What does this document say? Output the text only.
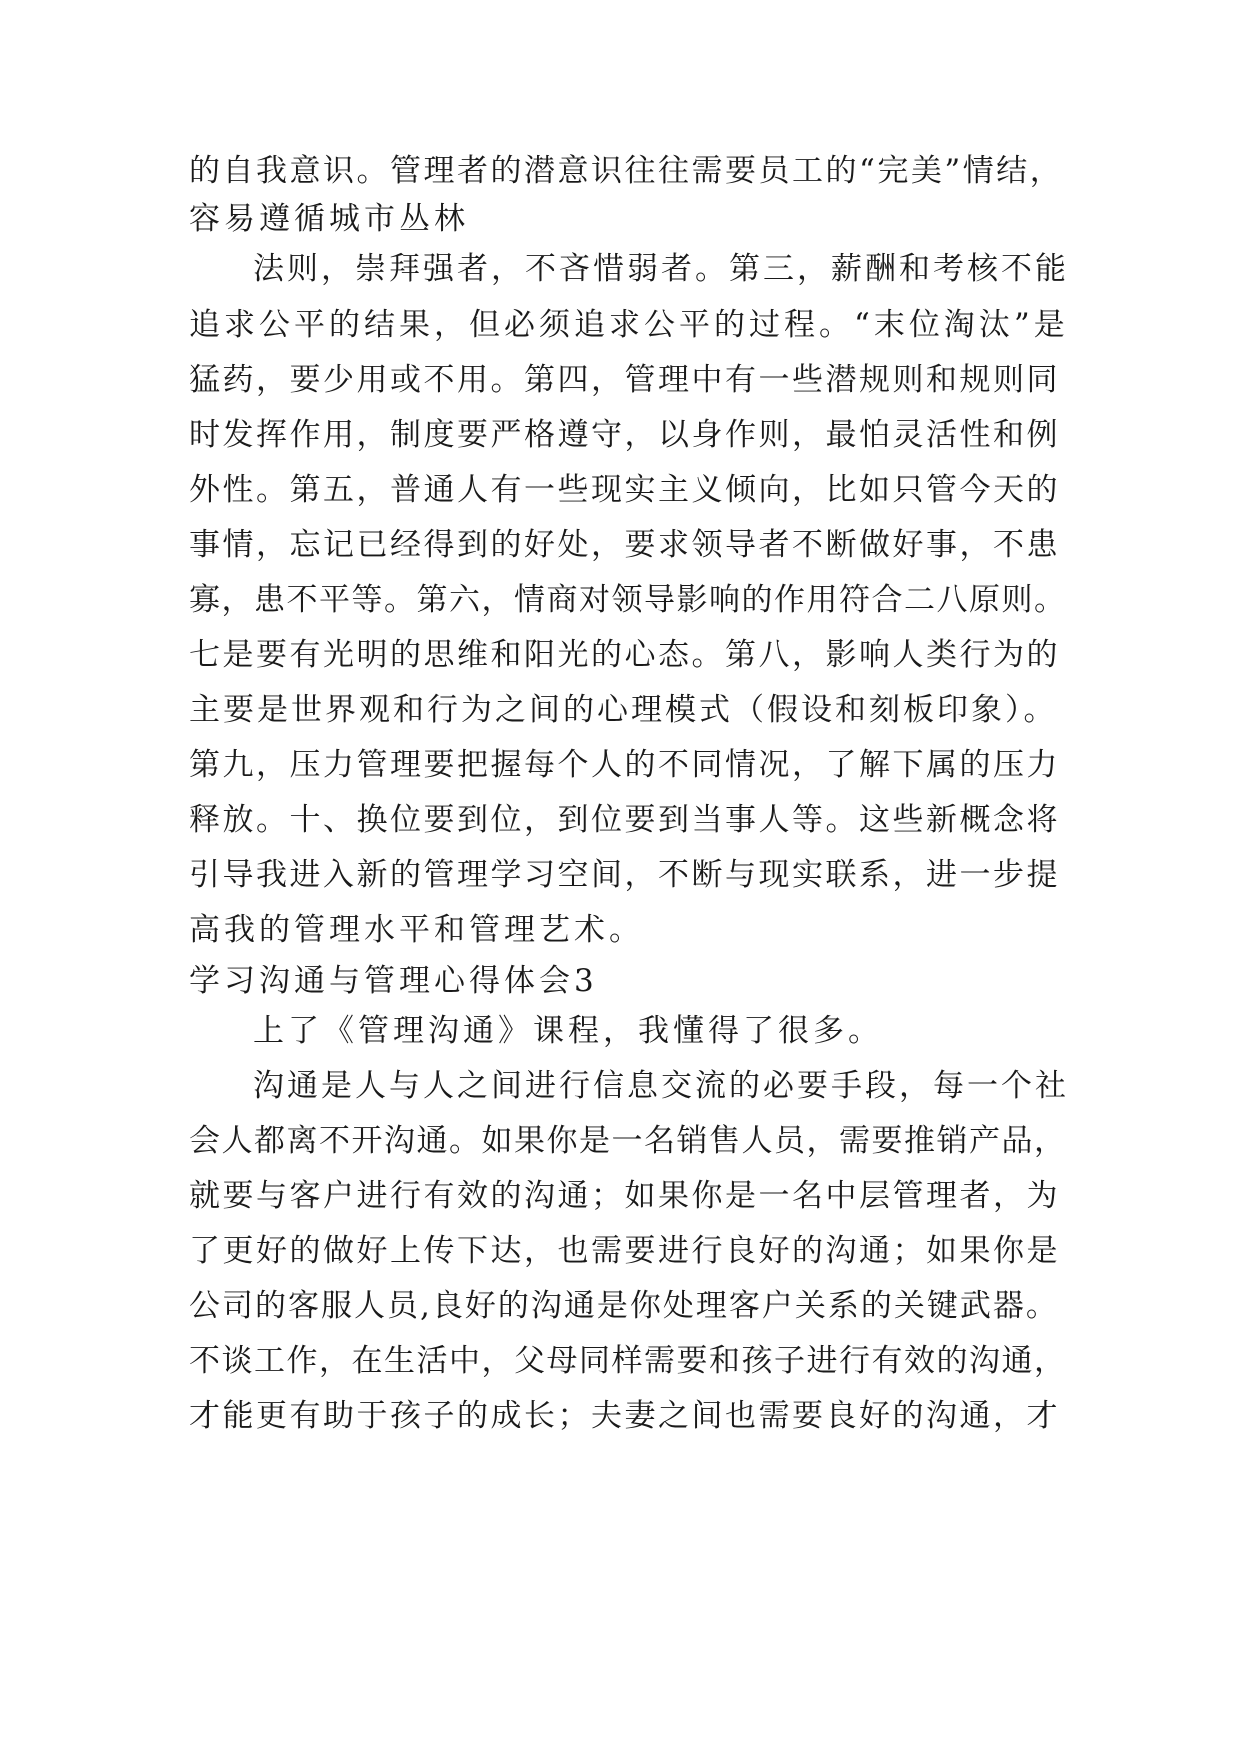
的自我意识。管理者的潜意识往往需要员工的“完美”情结，
容易遵循城市丛林
法则，崇拜强者，不吝惜弱者。第三，薪酬和考核不能
追求公平的结果，但必须追求公平的过程。“末位淘汰”是
猛药，要少用或不用。第四，管理中有一些潜规则和规则同
时发挥作用，制度要严格遵守，以身作则，最怕灵活性和例
外性。第五，普通人有一些现实主义倾向，比如只管今天的
事情，忘记已经得到的好处，要求领导者不断做好事，不患
寡，患不平等。第六，情商对领导影响的作用符合二八原则。
七是要有光明的思维和阳光的心态。第八，影响人类行为的
主要是世界观和行为之间的心理模式（假设和刻板印象）。
第九，压力管理要把握每个人的不同情况，了解下属的压力
释放。十、换位要到位，到位要到当事人等。这些新概念将
引导我进入新的管理学习空间，不断与现实联系，进一步提
高我的管理水平和管理艺术。
学习沟通与管理心得体会3
上了《管理沟通》课程，我懂得了很多。
沟通是人与人之间进行信息交流的必要手段，每一个社
会人都离不开沟通。如果你是一名销售人员，需要推销产品，
就要与客户进行有效的沟通；如果你是一名中层管理者，为
了更好的做好上传下达，也需要进行良好的沟通；如果你是
公司的客服人员,良好的沟通是你处理客户关系的关键武器。
不谈工作，在生活中，父母同样需要和孩子进行有效的沟通，
才能更有助于孩子的成长；夫妻之间也需要良好的沟通，才
